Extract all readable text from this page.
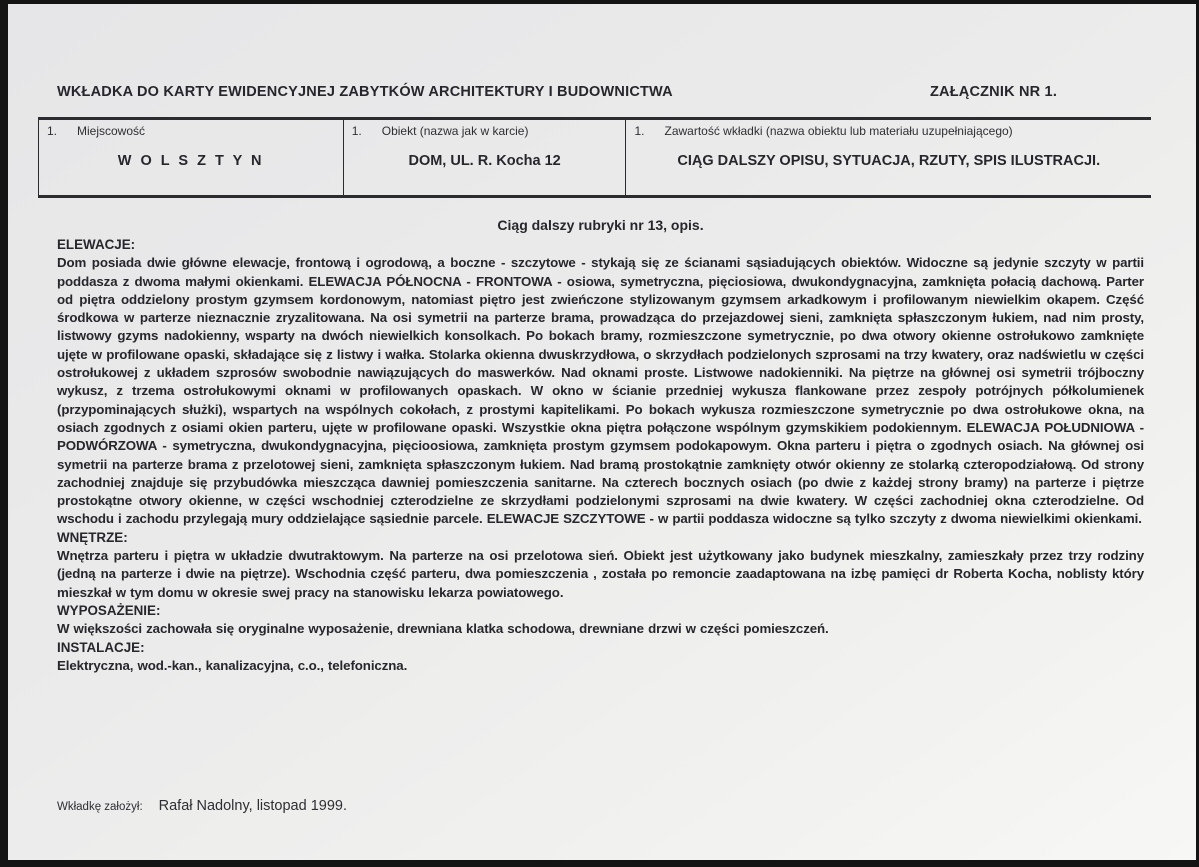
WKŁADKA DO KARTY EWIDENCYJNEJ ZABYTKÓW ARCHITEKTURY I BUDOWNICTWA	ZAŁĄCZNIK NR 1.
1.	Miejscowość
W O L S Z T Y N
1.	Obiekt (nazwa jak w karcie)
DOM, UL. R. Kocha 12
1.	Zawartość wkładki (nazwa obiektu lub materiału uzupełniającego)
CIĄG DALSZY OPISU, SYTUACJA, RZUTY, SPIS ILUSTRACJI.

Ciąg dalszy rubryki nr 13, opis.

ELEWACJE:

Dom posiada dwie główne elewacje, frontową i ogrodową, a boczne - szczytowe - stykają się ze ścianami sąsiadujących obiektów. Widoczne są jedynie szczyty w partii poddasza z dwoma małymi okienkami. ELEWACJA PÓŁNOCNA - FRONTOWA - osiowa, symetryczna, pięciosiowa, dwukondygnacyjna, zamknięta połacią dachową. Parter od piętra oddzielony prostym gzymsem kordonowym, natomiast piętro jest zwieńczone stylizowanym gzymsem arkadkowym i profilowanym niewielkim okapem. Część środkowa w parterze nieznacznie zryzalitowana. Na osi symetrii na parterze brama, prowadząca do przejazdowej sieni, zamknięta spłaszczonym łukiem, nad nim prosty, listwowy gzyms nadokienny, wsparty na dwóch niewielkich konsolkach. Po bokach bramy, rozmieszczone symetrycznie, po dwa otwory okienne ostrołukowo zamknięte ujęte w profilowane opaski, składające się z listwy i wałka. Stolarka okienna dwuskrzydłowa, o skrzydłach podzielonych szprosami na trzy kwatery, oraz nadświetlu w części ostrołukowej z układem szprosów swobodnie nawiązujących do maswerków. Nad oknami proste. Listwowe nadokienniki. Na piętrze na głównej osi symetrii trójboczny wykusz, z trzema ostrołukowymi oknami w profilowanych opaskach. W okno w ścianie przedniej wykusza flankowane przez zespoły potrójnych półkolumienek (przypominających służki), wspartych na wspólnych cokołach, z prostymi kapitelikami. Po bokach wykusza rozmieszczone symetrycznie po dwa ostrołukowe okna, na osiach zgodnych z osiami okien parteru, ujęte w profilowane opaski. Wszystkie okna piętra połączone wspólnym gzymskikiem podokiennym. ELEWACJA POŁUDNIOWA - PODWÓRZOWA - symetryczna, dwukondygnacyjna, pięcioosiowa, zamknięta prostym gzymsem podokapowym. Okna parteru i piętra o zgodnych osiach. Na głównej osi symetrii na parterze brama z przelotowej sieni, zamknięta spłaszczonym łukiem. Nad bramą prostokątnie zamknięty otwór okienny ze stolarką czteropodziałową. Od strony zachodniej znajduje się przybudówka mieszcząca dawniej pomieszczenia sanitarne. Na czterech bocznych osiach (po dwie z każdej strony bramy) na parterze i piętrze prostokątne otwory okienne, w części wschodniej czterodzielne ze skrzydłami podzielonymi szprosami na dwie kwatery. W części zachodniej okna czterodzielne. Od wschodu i zachodu przylegają mury oddzielające sąsiednie parcele. ELEWACJE SZCZYTOWE - w partii poddasza widoczne są tylko szczyty z dwoma niewielkimi okienkami.

WNĘTRZE:

Wnętrza parteru i piętra w układzie dwutraktowym. Na parterze na osi przelotowa sień. Obiekt jest użytkowany jako budynek mieszkalny, zamieszkały przez trzy rodziny (jedną na parterze i dwie na piętrze). Wschodnia część parteru, dwa pomieszczenia , została po remoncie zaadaptowana na izbę pamięci dr Roberta Kocha, noblisty który mieszkał w tym domu w okresie swej pracy na stanowisku lekarza powiatowego.

WYPOSAŻENIE:

W większości zachowała się oryginalne wyposażenie, drewniana klatka schodowa, drewniane drzwi w części pomieszczeń.

INSTALACJE:

Elektryczna, wod.-kan., kanalizacyjna, c.o., telefoniczna.

Wkładkę założył: Rafał Nadolny, listopad 1999.
